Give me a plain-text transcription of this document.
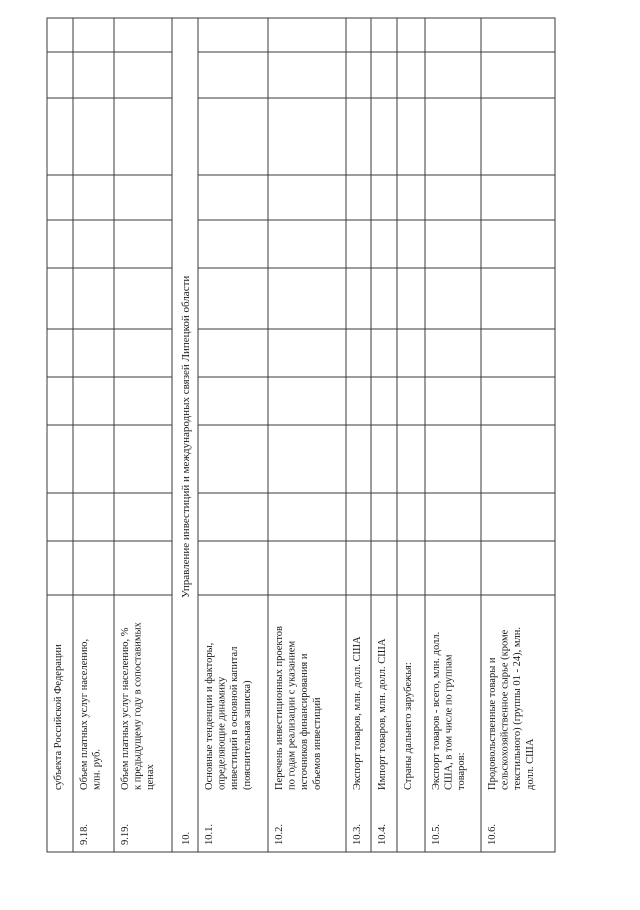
субъекта Российской Федерации
9.18.
Объем платных услуг населению, млн. руб.
9.19.
Объем платных услуг населению, % к предыдущему году в сопоставимых ценах
10.
Управление инвестиций и международных связей Липецкой области
10.1.
Основные тенденции и факторы, определяющие динамику инвестиций в основной капитал (пояснительная записка)
10.2.
Перечень инвестиционных проектов по годам реализации с указанием источников финансирования и объемов инвестиций
10.3.
Экспорт товаров, млн. долл. США
10.4.
Импорт товаров, млн. долл. США Страны дальнего зарубежья:
10.5.
Экспорт товаров - всего, млн. долл. США, в том числе по группам товаров:
10.6.
Продовольственные товары и сельскохозяйственное сырье (кроме текстильного) (группы 01 - 24), млн. долл. США
